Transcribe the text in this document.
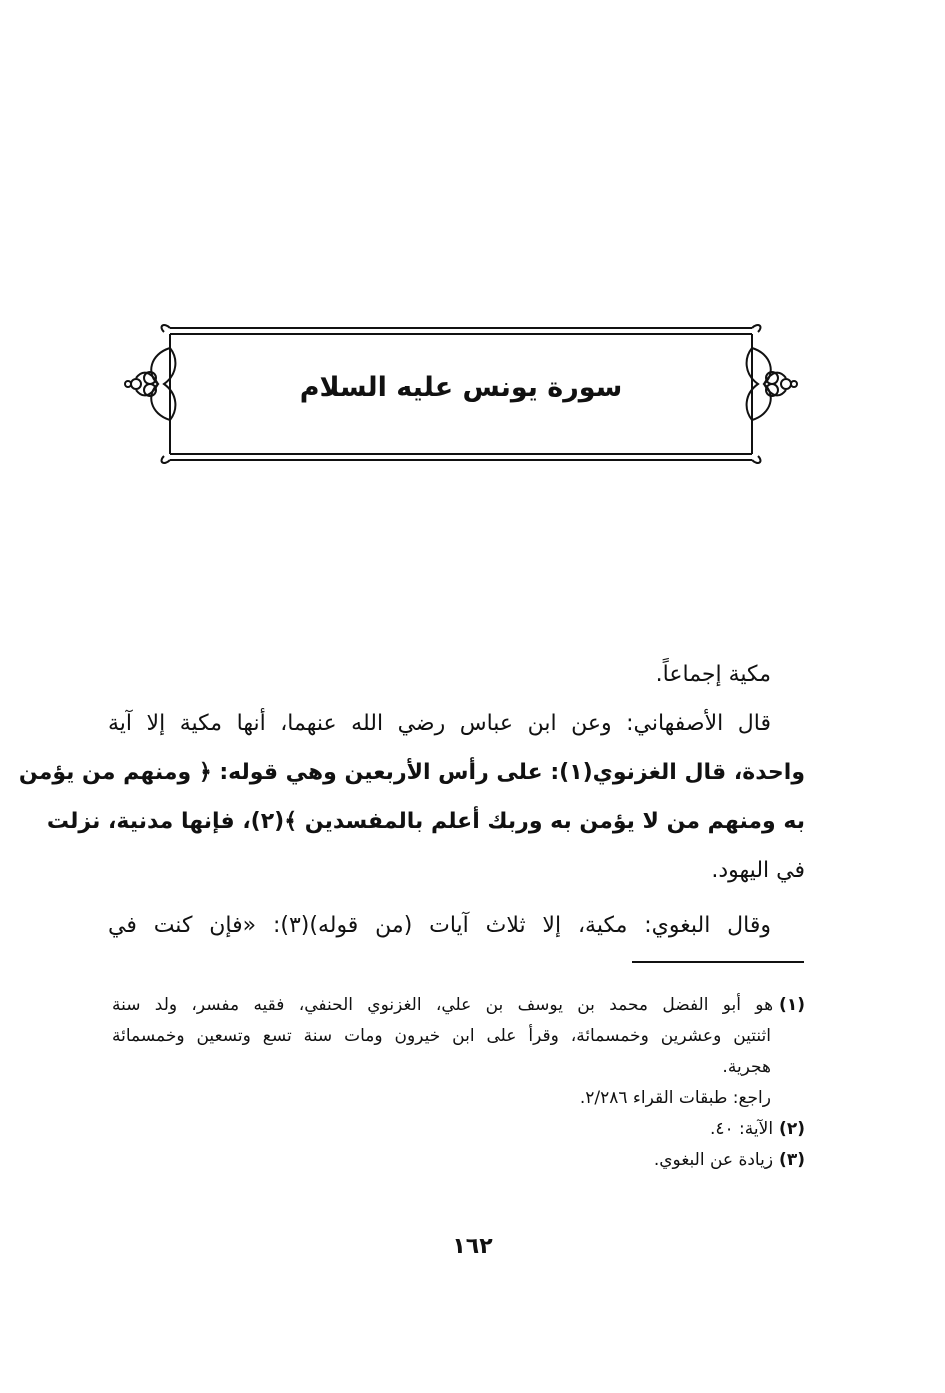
سورة يونس عليه السلام
مكية إجماعاً.
قال الأصفهاني: وعن ابن عباس رضي الله عنهما، أنها مكية إلا آية
واحدة، قال الغزنوي(١): على رأس الأربعين وهي قوله: ﴿ ومنهم من يؤمن
به ومنهم من لا يؤمن به وربك أعلم بالمفسدين ﴾(٢)، فإنها مدنية، نزلت
في اليهود.
وقال البغوي: مكية، إلا ثلاث آيات (من قوله)(٣): «فإن كنت في
(١)هو أبو الفضل محمد بن يوسف بن علي، الغزنوي الحنفي، فقيه مفسر، ولد سنة
اثنتين وعشرين وخمسمائة، وقرأ على ابن خيرون ومات سنة تسع وتسعين وخمسمائة
هجرية.
راجع: طبقات القراء ٢/٢٨٦.
(٢)الآية: ٤٠.
(٣)زيادة عن البغوي.
١٦٢
